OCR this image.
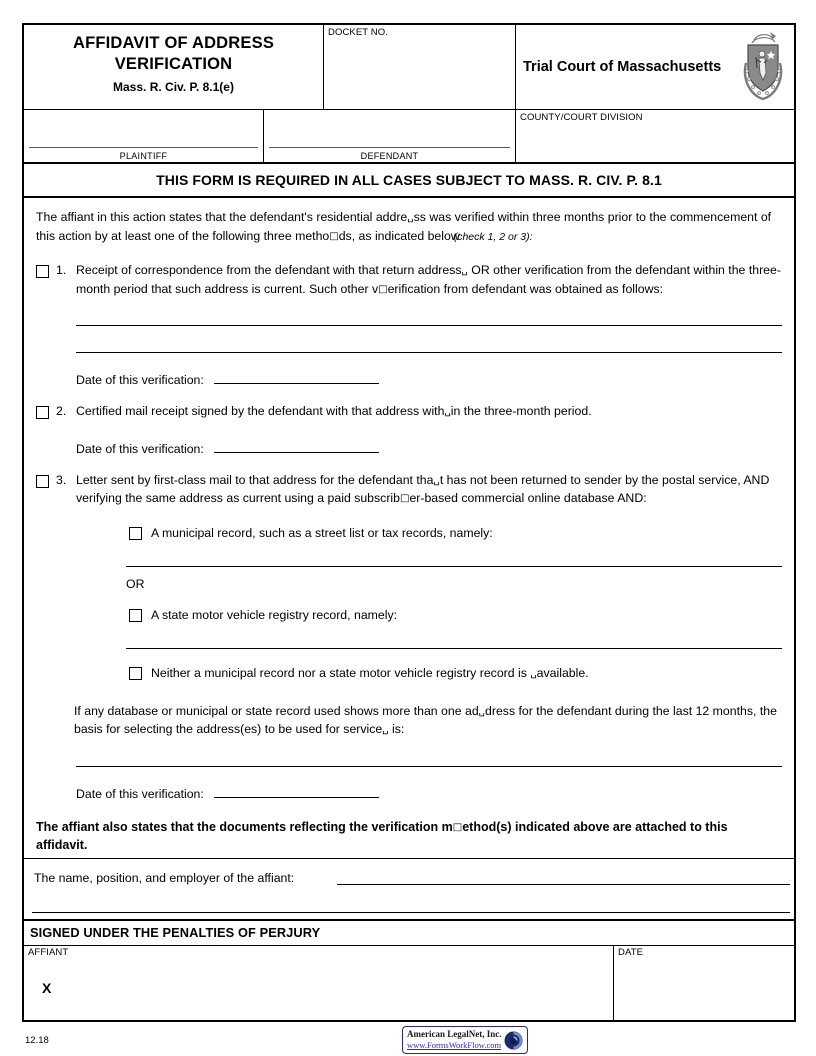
AFFIDAVIT OF ADDRESS
VERIFICATION
Mass. R. Civ. P. 8.1(e)
DOCKET NO.
Trial Court of Massachusetts
PLAINTIFF	DEFENDANT
COUNTY/COURT DIVISION
THIS FORM IS REQUIRED IN ALL CASES SUBJECT TO MASS. R. CIV. P. 8.1
The affiant in this action states that the defendant's residential addre␣ss was verified within three months prior to the commencement of this action by at least one of the following three metho□ds, as indicated below(check 1, 2 or 3):
1. Receipt of correspondence from the defendant with that return address␣ OR other verification from the defendant within the three-month period that such address is current. Such other v□erification from defendant was obtained as follows:
Date of this verification:
2. Certified mail receipt signed by the defendant with that address with␣in the three-month period.
Date of this verification:
3. Letter sent by first-class mail to that address for the defendant tha␣t has not been returned to sender by the postal service, AND verifying the same address as current using a paid subscrib□er-based commercial online database AND:
A municipal record, such as a street list or tax records, namely:
OR
A state motor vehicle registry record, namely:
Neither a municipal record nor a state motor vehicle registry record is ␣available.
If any database or municipal or state record used shows more than one ad␣dress for the defendant during the last 12 months, the basis for selecting the address(es) to be used for service␣ is:
Date of this verification:
The affiant also states that the documents reflecting the verification m□ethod(s) indicated above are attached to this affidavit.
The name, position, and employer of the affiant:
SIGNED UNDER THE PENALTIES OF PERJURY
AFFIANT
X
DATE
12.18
American LegalNet, Inc.
www.FormsWorkFlow.com
